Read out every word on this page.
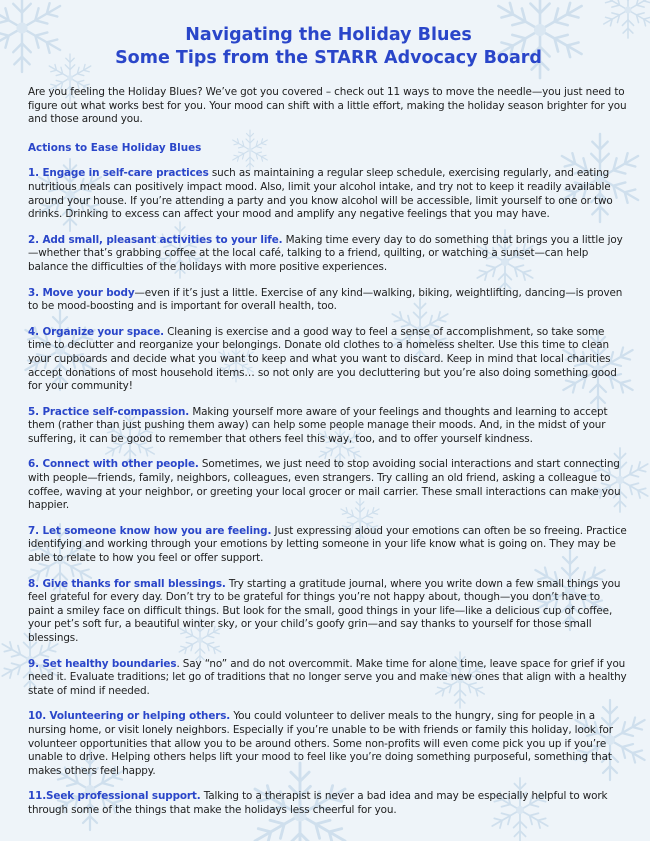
Navigating the Holiday Blues
Some Tips from the STARR Advocacy Board

Are you feeling the Holiday Blues? We’ve got you covered – check out 11 ways to move the needle—you just need to figure out what works best for you. Your mood can shift with a little effort, making the holiday season brighter for you and those around you.

Actions to Ease Holiday Blues

1. Engage in self-care practices such as maintaining a regular sleep schedule, exercising regularly, and eating nutritious meals can positively impact mood. Also, limit your alcohol intake, and try not to keep it readily available around your house. If you’re attending a party and you know alcohol will be accessible, limit yourself to one or two drinks. Drinking to excess can affect your mood and amplify any negative feelings that you may have.

2. Add small, pleasant activities to your life. Making time every day to do something that brings you a little joy—whether that’s grabbing coffee at the local café, talking to a friend, quilting, or watching a sunset—can help balance the difficulties of the holidays with more positive experiences.

3. Move your body—even if it’s just a little. Exercise of any kind—walking, biking, weightlifting, dancing—is proven to be mood-boosting and is important for overall health, too.

4. Organize your space. Cleaning is exercise and a good way to feel a sense of accomplishment, so take some time to declutter and reorganize your belongings. Donate old clothes to a homeless shelter. Use this time to clean your cupboards and decide what you want to keep and what you want to discard. Keep in mind that local charities accept donations of most household items… so not only are you decluttering but you’re also doing something good for your community!

5. Practice self-compassion. Making yourself more aware of your feelings and thoughts and learning to accept them (rather than just pushing them away) can help some people manage their moods. And, in the midst of your suffering, it can be good to remember that others feel this way, too, and to offer yourself kindness.

6. Connect with other people. Sometimes, we just need to stop avoiding social interactions and start connecting with people—friends, family, neighbors, colleagues, even strangers. Try calling an old friend, asking a colleague to coffee, waving at your neighbor, or greeting your local grocer or mail carrier. These small interactions can make you happier.

7. Let someone know how you are feeling. Just expressing aloud your emotions can often be so freeing. Practice identifying and working through your emotions by letting someone in your life know what is going on. They may be able to relate to how you feel or offer support.

8. Give thanks for small blessings. Try starting a gratitude journal, where you write down a few small things you feel grateful for every day. Don’t try to be grateful for things you’re not happy about, though—you don’t have to paint a smiley face on difficult things. But look for the small, good things in your life—like a delicious cup of coffee, your pet’s soft fur, a beautiful winter sky, or your child’s goofy grin—and say thanks to yourself for those small blessings.

9. Set healthy boundaries. Say “no” and do not overcommit. Make time for alone time, leave space for grief if you need it. Evaluate traditions; let go of traditions that no longer serve you and make new ones that align with a healthy state of mind if needed.

10. Volunteering or helping others. You could volunteer to deliver meals to the hungry, sing for people in a nursing home, or visit lonely neighbors. Especially if you’re unable to be with friends or family this holiday, look for volunteer opportunities that allow you to be around others. Some non-profits will even come pick you up if you’re unable to drive. Helping others helps lift your mood to feel like you’re doing something purposeful, something that makes others feel happy.

11.Seek professional support. Talking to a therapist is never a bad idea and may be especially helpful to work through some of the things that make the holidays less cheerful for you.
